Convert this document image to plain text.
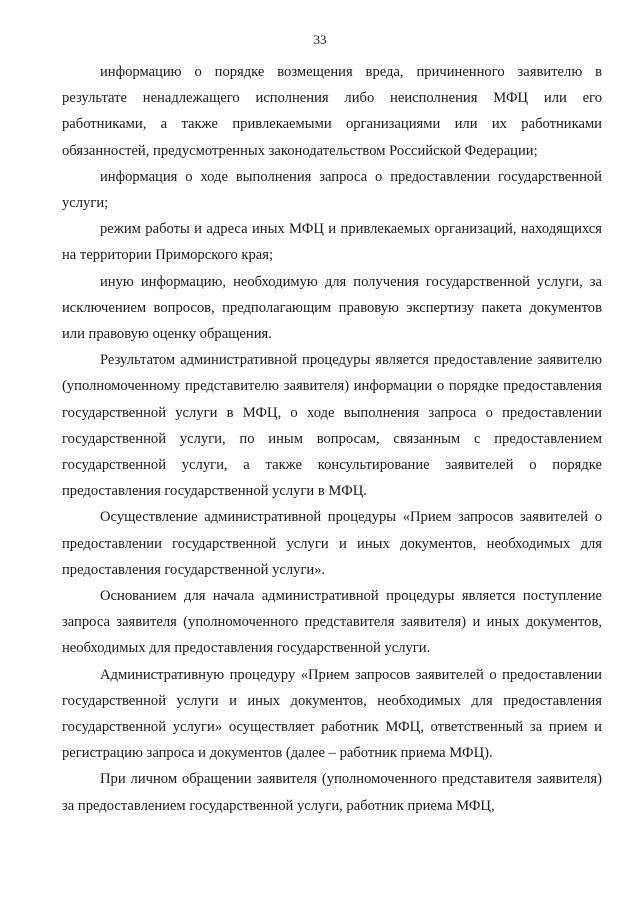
33

информацию о порядке возмещения вреда, причиненного заявителю в результате ненадлежащего исполнения либо неисполнения МФЦ или его работниками, а также привлекаемыми организациями или их работниками обязанностей, предусмотренных законодательством Российской Федерации;

информация о ходе выполнения запроса о предоставлении государственной услуги;

режим работы и адреса иных МФЦ и привлекаемых организаций, находящихся на территории Приморского края;

иную информацию, необходимую для получения государственной услуги, за исключением вопросов, предполагающим правовую экспертизу пакета документов или правовую оценку обращения.

Результатом административной процедуры является предоставление заявителю (уполномоченному представителю заявителя) информации о порядке предоставления государственной услуги в МФЦ, о ходе выполнения запроса о предоставлении государственной услуги, по иным вопросам, связанным с предоставлением государственной услуги, а также консультирование заявителей о порядке предоставления государственной услуги в МФЦ.

Осуществление административной процедуры «Прием запросов заявителей о предоставлении государственной услуги и иных документов, необходимых для предоставления государственной услуги».

Основанием для начала административной процедуры является поступление запроса заявителя (уполномоченного представителя заявителя) и иных документов, необходимых для предоставления государственной услуги.

Административную процедуру «Прием запросов заявителей о предоставлении государственной услуги и иных документов, необходимых для предоставления государственной услуги» осуществляет работник МФЦ, ответственный за прием и регистрацию запроса и документов (далее – работник приема МФЦ).

При личном обращении заявителя (уполномоченного представителя заявителя) за предоставлением государственной услуги, работник приема МФЦ,
